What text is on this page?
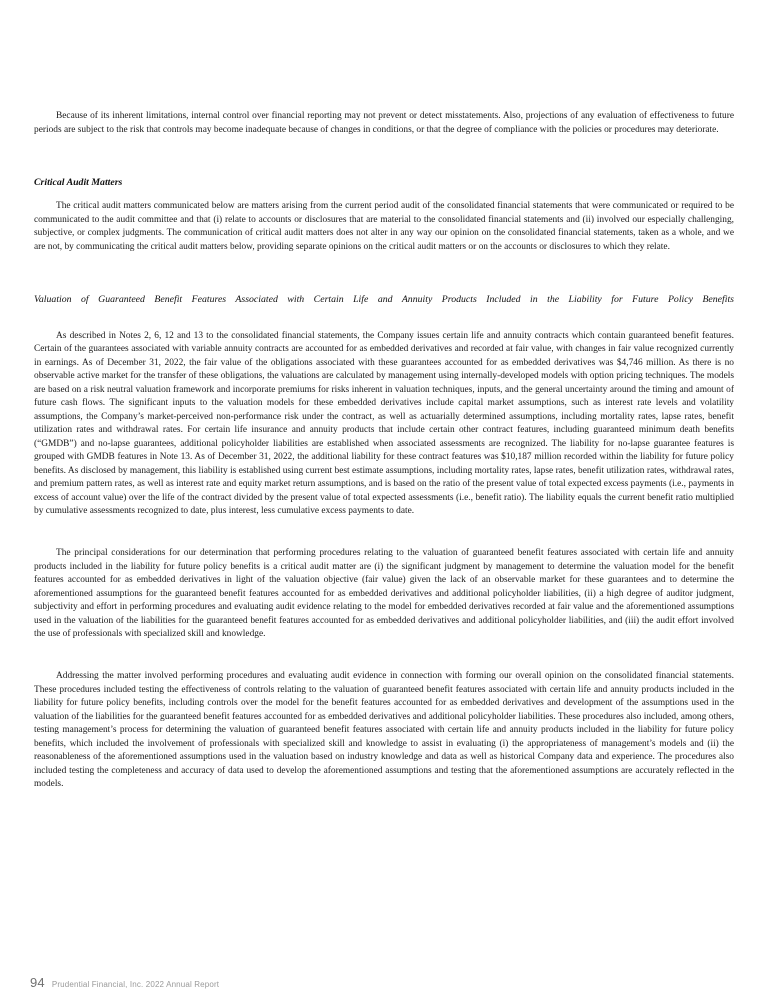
Because of its inherent limitations, internal control over financial reporting may not prevent or detect misstatements. Also, projections of any evaluation of effectiveness to future periods are subject to the risk that controls may become inadequate because of changes in conditions, or that the degree of compliance with the policies or procedures may deteriorate.

Critical Audit Matters

The critical audit matters communicated below are matters arising from the current period audit of the consolidated financial statements that were communicated or required to be communicated to the audit committee and that (i) relate to accounts or disclosures that are material to the consolidated financial statements and (ii) involved our especially challenging, subjective, or complex judgments. The communication of critical audit matters does not alter in any way our opinion on the consolidated financial statements, taken as a whole, and we are not, by communicating the critical audit matters below, providing separate opinions on the critical audit matters or on the accounts or disclosures to which they relate.

Valuation of Guaranteed Benefit Features Associated with Certain Life and Annuity Products Included in the Liability for Future Policy Benefits

As described in Notes 2, 6, 12 and 13 to the consolidated financial statements, the Company issues certain life and annuity contracts which contain guaranteed benefit features. Certain of the guarantees associated with variable annuity contracts are accounted for as embedded derivatives and recorded at fair value, with changes in fair value recognized currently in earnings. As of December 31, 2022, the fair value of the obligations associated with these guarantees accounted for as embedded derivatives was $4,746 million. As there is no observable active market for the transfer of these obligations, the valuations are calculated by management using internally-developed models with option pricing techniques. The models are based on a risk neutral valuation framework and incorporate premiums for risks inherent in valuation techniques, inputs, and the general uncertainty around the timing and amount of future cash flows. The significant inputs to the valuation models for these embedded derivatives include capital market assumptions, such as interest rate levels and volatility assumptions, the Company’s market-perceived non-performance risk under the contract, as well as actuarially determined assumptions, including mortality rates, lapse rates, benefit utilization rates and withdrawal rates. For certain life insurance and annuity products that include certain other contract features, including guaranteed minimum death benefits (“GMDB”) and no-lapse guarantees, additional policyholder liabilities are established when associated assessments are recognized. The liability for no-lapse guarantee features is grouped with GMDB features in Note 13. As of December 31, 2022, the additional liability for these contract features was $10,187 million recorded within the liability for future policy benefits. As disclosed by management, this liability is established using current best estimate assumptions, including mortality rates, lapse rates, benefit utilization rates, withdrawal rates, and premium pattern rates, as well as interest rate and equity market return assumptions, and is based on the ratio of the present value of total expected excess payments (i.e., payments in excess of account value) over the life of the contract divided by the present value of total expected assessments (i.e., benefit ratio). The liability equals the current benefit ratio multiplied by cumulative assessments recognized to date, plus interest, less cumulative excess payments to date.

The principal considerations for our determination that performing procedures relating to the valuation of guaranteed benefit features associated with certain life and annuity products included in the liability for future policy benefits is a critical audit matter are (i) the significant judgment by management to determine the valuation model for the benefit features accounted for as embedded derivatives in light of the valuation objective (fair value) given the lack of an observable market for these guarantees and to determine the aforementioned assumptions for the guaranteed benefit features accounted for as embedded derivatives and additional policyholder liabilities, (ii) a high degree of auditor judgment, subjectivity and effort in performing procedures and evaluating audit evidence relating to the model for embedded derivatives recorded at fair value and the aforementioned assumptions used in the valuation of the liabilities for the guaranteed benefit features accounted for as embedded derivatives and additional policyholder liabilities, and (iii) the audit effort involved the use of professionals with specialized skill and knowledge.

Addressing the matter involved performing procedures and evaluating audit evidence in connection with forming our overall opinion on the consolidated financial statements. These procedures included testing the effectiveness of controls relating to the valuation of guaranteed benefit features associated with certain life and annuity products included in the liability for future policy benefits, including controls over the model for the benefit features accounted for as embedded derivatives and development of the assumptions used in the valuation of the liabilities for the guaranteed benefit features accounted for as embedded derivatives and additional policyholder liabilities. These procedures also included, among others, testing management’s process for determining the valuation of guaranteed benefit features associated with certain life and annuity products included in the liability for future policy benefits, which included the involvement of professionals with specialized skill and knowledge to assist in evaluating (i) the appropriateness of management’s models and (ii) the reasonableness of the aforementioned assumptions used in the valuation based on industry knowledge and data as well as historical Company data and experience. The procedures also included testing the completeness and accuracy of data used to develop the aforementioned assumptions and testing that the aforementioned assumptions are accurately reflected in the models.

94 Prudential Financial, Inc. 2022 Annual Report
